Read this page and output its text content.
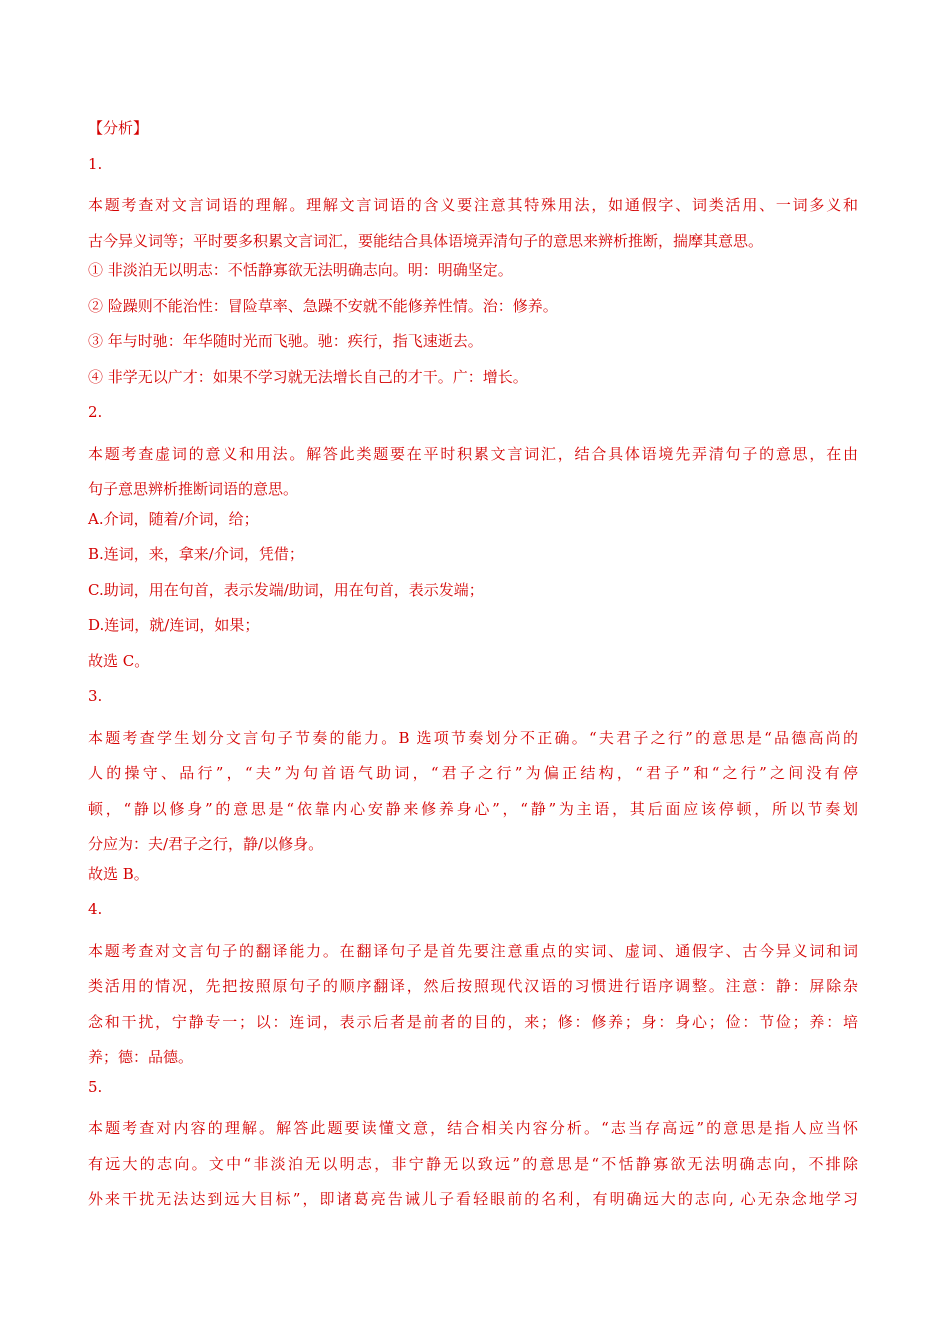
【分析】
1.
本题考查对文言词语的理解。理解文言词语的含义要注意其特殊用法，如通假字、词类活用、一词多义和
古今异义词等；平时要多积累文言词汇，要能结合具体语境弄清句子的意思来辨析推断，揣摩其意思。
① 非淡泊无以明志：不恬静寡欲无法明确志向。明：明确坚定。
② 险躁则不能治性：冒险草率、急躁不安就不能修养性情。治：修养。
③ 年与时驰：年华随时光而飞驰。驰：疾行，指飞速逝去。
④ 非学无以广才：如果不学习就无法增长自己的才干。广：增长。
2.
本题考查虚词的意义和用法。解答此类题要在平时积累文言词汇，结合具体语境先弄清句子的意思，在由
句子意思辨析推断词语的意思。
A.介词，随着/介词，给；
B.连词，来，拿来/介词，凭借；
C.助词，用在句首，表示发端/助词，用在句首，表示发端；
D.连词，就/连词，如果；
故选 C。
3.
本题考查学生划分文言句子节奏的能力。B 选项节奏划分不正确。“夫君子之行”的意思是“品德高尚的
人的操守、品行”，“夫”为句首语气助词，“君子之行”为偏正结构，“君子”和“之行”之间没有停
顿，“静以修身”的意思是“依靠内心安静来修养身心”，“静”为主语，其后面应该停顿，所以节奏划
分应为：夫/君子之行，静/以修身。
故选 B。
4.
本题考查对文言句子的翻译能力。在翻译句子是首先要注意重点的实词、虚词、通假字、古今异义词和词
类活用的情况，先把按照原句子的顺序翻译，然后按照现代汉语的习惯进行语序调整。注意：静：屏除杂
念和干扰，宁静专一；以：连词，表示后者是前者的目的，来；修：修养；身：身心；俭：节俭；养：培
养；德：品德。
5.
本题考查对内容的理解。解答此题要读懂文意，结合相关内容分析。“志当存高远”的意思是指人应当怀
有远大的志向。文中“非淡泊无以明志，非宁静无以致远”的意思是“不恬静寡欲无法明确志向，不排除
外来干扰无法达到远大目标”，即诸葛亮告诫儿子看轻眼前的名利，有明确远大的志向, 心无杂念地学习
